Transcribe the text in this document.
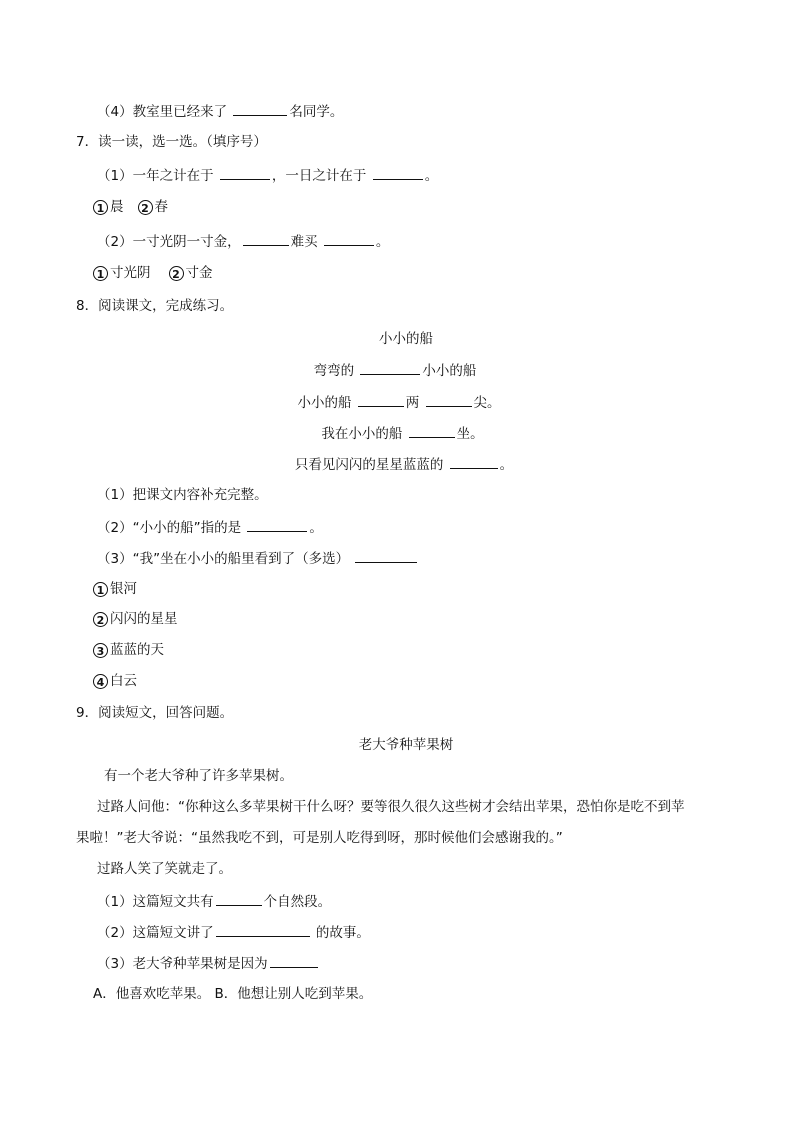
（4）教室里已经来了	名同学。
7．读一读，选一选。（填序号）
（1）一年之计在于	，一日之计在于	。
1 晨 2 春
（2）一寸光阴一寸金，	难买	。
1 寸光阴 2 寸金
8．阅读课文，完成练习。
小小的船
弯弯的	小小的船
小小的船	两	尖。
我在小小的船	坐。
只看见闪闪的星星蓝蓝的	。
（1）把课文内容补充完整。
（2）“小小的船”指的是	。
（3）“我”坐在小小的船里看到了（多选）
1 银河
2 闪闪的星星
3 蓝蓝的天
4 白云
9．阅读短文，回答问题。
老大爷种苹果树
有一个老大爷种了许多苹果树。
过路人问他：“你种这么多苹果树干什么呀？要等很久很久这些树才会结出苹果，恐怕你是吃不到苹
果啦！”老大爷说：“虽然我吃不到，可是别人吃得到呀，那时候他们会感谢我的。”
过路人笑了笑就走了。
（1）这篇短文共有	个自然段。
（2）这篇短文讲了	的故事。
（3）老大爷种苹果树是因为
A．他喜欢吃苹果。 B．他想让别人吃到苹果。
